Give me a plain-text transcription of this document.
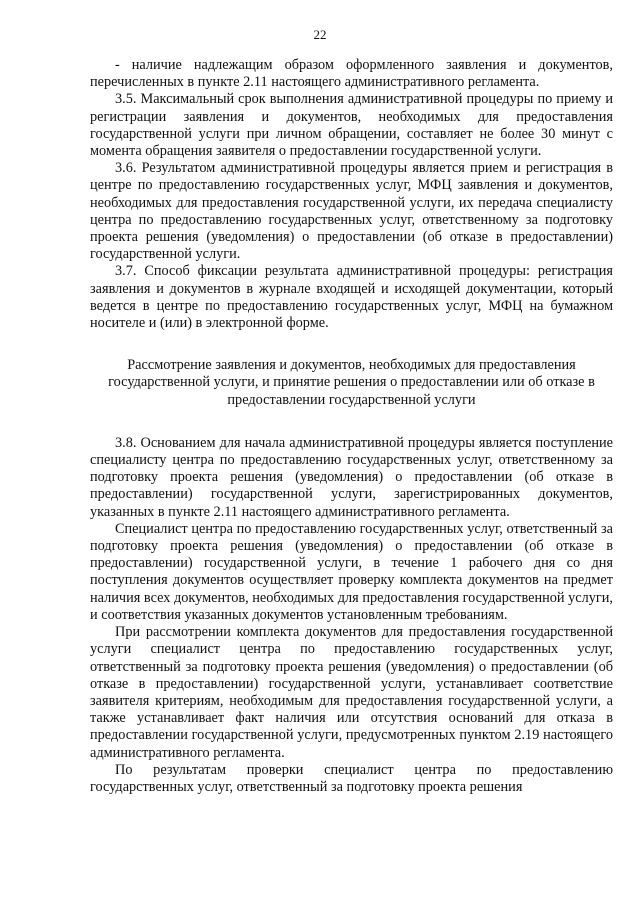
22

- наличие надлежащим образом оформленного заявления и документов, перечисленных в пункте 2.11 настоящего административного регламента.

3.5. Максимальный срок выполнения административной процедуры по приему и регистрации заявления и документов, необходимых для предоставления государственной услуги при личном обращении, составляет не более 30 минут с момента обращения заявителя о предоставлении государственной услуги.

3.6. Результатом административной процедуры является прием и регистрация в центре по предоставлению государственных услуг, МФЦ заявления и документов, необходимых для предоставления государственной услуги, их передача специалисту центра по предоставлению государственных услуг, ответственному за подготовку проекта решения (уведомления) о предоставлении (об отказе в предоставлении) государственной услуги.

3.7. Способ фиксации результата административной процедуры: регистрация заявления и документов в журнале входящей и исходящей документации, который ведется в центре по предоставлению государственных услуг, МФЦ на бумажном носителе и (или) в электронной форме.

Рассмотрение заявления и документов, необходимых для предоставления
государственной услуги, и принятие решения о предоставлении или об отказе в
предоставлении государственной услуги

3.8. Основанием для начала административной процедуры является поступление специалисту центра по предоставлению государственных услуг, ответственному за подготовку проекта решения (уведомления) о предоставлении (об отказе в предоставлении) государственной услуги, зарегистрированных документов, указанных в пункте 2.11 настоящего административного регламента.

Специалист центра по предоставлению государственных услуг, ответственный за подготовку проекта решения (уведомления) о предоставлении (об отказе в предоставлении) государственной услуги, в течение 1 рабочего дня со дня поступления документов осуществляет проверку комплекта документов на предмет наличия всех документов, необходимых для предоставления государственной услуги, и соответствия указанных документов установленным требованиям.

При рассмотрении комплекта документов для предоставления государственной услуги специалист центра по предоставлению государственных услуг, ответственный за подготовку проекта решения (уведомления) о предоставлении (об отказе в предоставлении) государственной услуги, устанавливает соответствие заявителя критериям, необходимым для предоставления государственной услуги, а также устанавливает факт наличия или отсутствия оснований для отказа в предоставлении государственной услуги, предусмотренных пунктом 2.19 настоящего административного регламента.

По результатам проверки специалист центра по предоставлению государственных услуг, ответственный за подготовку проекта решения
